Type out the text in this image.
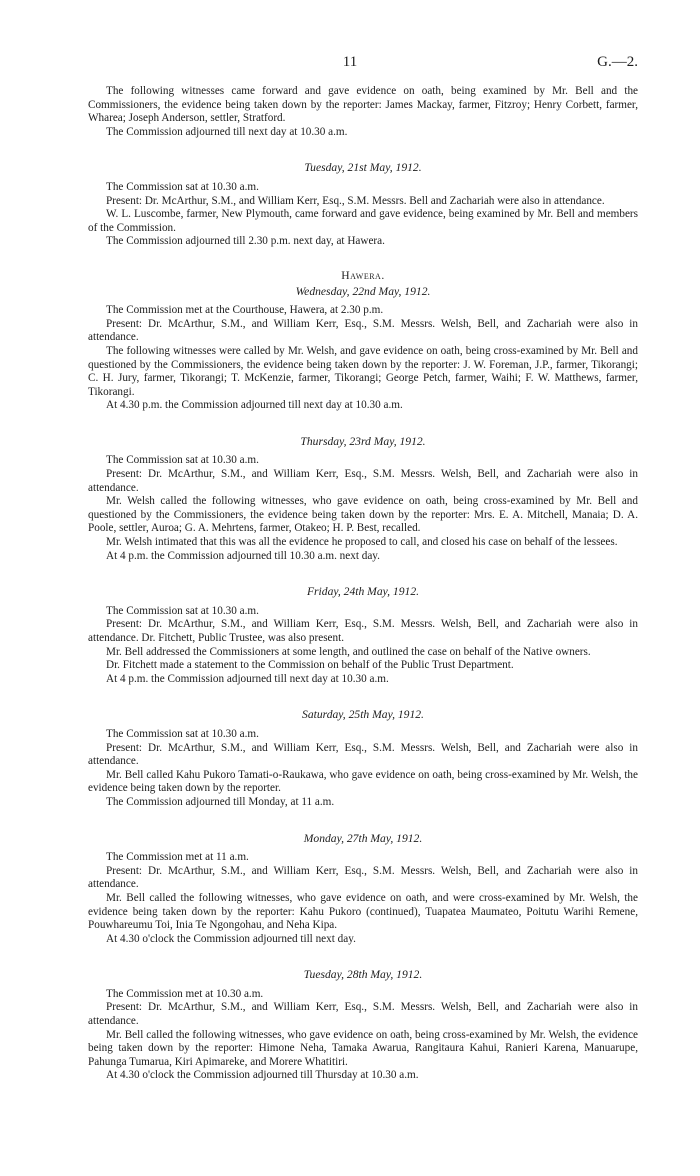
11	G.—2.

The following witnesses came forward and gave evidence on oath, being examined by Mr. Bell and the Commissioners, the evidence being taken down by the reporter: James Mackay, farmer, Fitzroy; Henry Corbett, farmer, Wharea; Joseph Anderson, settler, Stratford.

The Commission adjourned till next day at 10.30 a.m.

Tuesday, 21st May, 1912.

The Commission sat at 10.30 a.m.

Present: Dr. McArthur, S.M., and William Kerr, Esq., S.M. Messrs. Bell and Zachariah were also in attendance.

W. L. Luscombe, farmer, New Plymouth, came forward and gave evidence, being examined by Mr. Bell and members of the Commission.

The Commission adjourned till 2.30 p.m. next day, at Hawera.

Hawera.
Wednesday, 22nd May, 1912.

The Commission met at the Courthouse, Hawera, at 2.30 p.m.

Present: Dr. McArthur, S.M., and William Kerr, Esq., S.M. Messrs. Welsh, Bell, and Zachariah were also in attendance.

The following witnesses were called by Mr. Welsh, and gave evidence on oath, being cross-examined by Mr. Bell and questioned by the Commissioners, the evidence being taken down by the reporter: J. W. Foreman, J.P., farmer, Tikorangi; C. H. Jury, farmer, Tikorangi; T. McKenzie, farmer, Tikorangi; George Petch, farmer, Waihi; F. W. Matthews, farmer, Tikorangi.

At 4.30 p.m. the Commission adjourned till next day at 10.30 a.m.

Thursday, 23rd May, 1912.

The Commission sat at 10.30 a.m.

Present: Dr. McArthur, S.M., and William Kerr, Esq., S.M. Messrs. Welsh, Bell, and Zachariah were also in attendance.

Mr. Welsh called the following witnesses, who gave evidence on oath, being cross-examined by Mr. Bell and questioned by the Commissioners, the evidence being taken down by the reporter: Mrs. E. A. Mitchell, Manaia; D. A. Poole, settler, Auroa; G. A. Mehrtens, farmer, Otakeo; H. P. Best, recalled.

Mr. Welsh intimated that this was all the evidence he proposed to call, and closed his case on behalf of the lessees.

At 4 p.m. the Commission adjourned till 10.30 a.m. next day.

Friday, 24th May, 1912.

The Commission sat at 10.30 a.m.

Present: Dr. McArthur, S.M., and William Kerr, Esq., S.M. Messrs. Welsh, Bell, and Zachariah were also in attendance. Dr. Fitchett, Public Trustee, was also present.

Mr. Bell addressed the Commissioners at some length, and outlined the case on behalf of the Native owners.

Dr. Fitchett made a statement to the Commission on behalf of the Public Trust Department.

At 4 p.m. the Commission adjourned till next day at 10.30 a.m.

Saturday, 25th May, 1912.

The Commission sat at 10.30 a.m.

Present: Dr. McArthur, S.M., and William Kerr, Esq., S.M. Messrs. Welsh, Bell, and Zachariah were also in attendance.

Mr. Bell called Kahu Pukoro Tamati-o-Raukawa, who gave evidence on oath, being cross-examined by Mr. Welsh, the evidence being taken down by the reporter.

The Commission adjourned till Monday, at 11 a.m.

Monday, 27th May, 1912.

The Commission met at 11 a.m.

Present: Dr. McArthur, S.M., and William Kerr, Esq., S.M. Messrs. Welsh, Bell, and Zachariah were also in attendance.

Mr. Bell called the following witnesses, who gave evidence on oath, and were cross-examined by Mr. Welsh, the evidence being taken down by the reporter: Kahu Pukoro (continued), Tuapatea Maumateo, Poitutu Warihi Remene, Pouwhareumu Toi, Inia Te Ngongohau, and Neha Kipa.

At 4.30 o'clock the Commission adjourned till next day.

Tuesday, 28th May, 1912.

The Commission met at 10.30 a.m.

Present: Dr. McArthur, S.M., and William Kerr, Esq., S.M. Messrs. Welsh, Bell, and Zachariah were also in attendance.

Mr. Bell called the following witnesses, who gave evidence on oath, being cross-examined by Mr. Welsh, the evidence being taken down by the reporter: Himone Neha, Tamaka Awarua, Rangitaura Kahui, Ranieri Karena, Manuarupe, Pahunga Tumarua, Kiri Apimareke, and Morere Whatitiri.

At 4.30 o'clock the Commission adjourned till Thursday at 10.30 a.m.
